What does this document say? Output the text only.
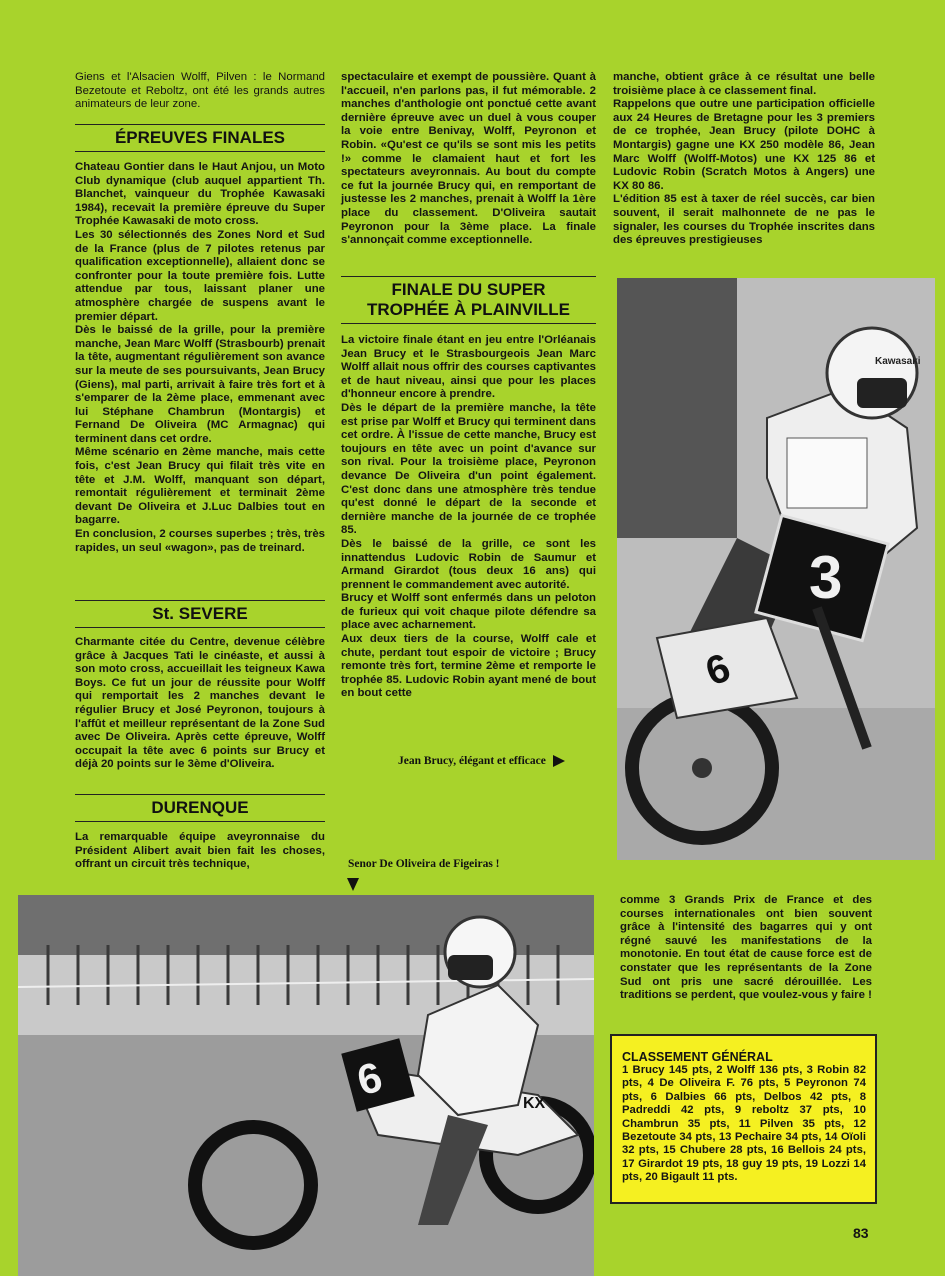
Giens et l'Alsacien Wolff, Pilven : le Normand Bezetoute et Reboltz, ont été les grands autres animateurs de leur zone.

ÉPREUVES FINALES

Chateau Gontier dans le Haut Anjou, un Moto Club dynamique (club auquel appartient Th. Blanchet, vainqueur du Trophée Kawasaki 1984), recevait la première épreuve du Super Trophée Kawasaki de moto cross.

Les 30 sélectionnés des Zones Nord et Sud de la France (plus de 7 pilotes retenus par qualification exceptionnelle), allaient donc se confronter pour la toute première fois. Lutte attendue par tous, laissant planer une atmosphère chargée de suspens avant le premier départ.

Dès le baissé de la grille, pour la première manche, Jean Marc Wolff (Strasbourb) prenait la tête, augmentant régulièrement son avance sur la meute de ses poursuivants, Jean Brucy (Giens), mal parti, arrivait à faire très fort et à s'emparer de la 2ème place, emmenant avec lui Stéphane Chambrun (Montargis) et Fernand De Oliveira (MC Armagnac) qui terminent dans cet ordre.

Même scénario en 2ème manche, mais cette fois, c'est Jean Brucy qui filait très vite en tête et J.M. Wolff, manquant son départ, remontait régulièrement et terminait 2ème devant De Oliveira et J.Luc Dalbies tout en bagarre.

En conclusion, 2 courses superbes ; très, très rapides, un seul «wagon», pas de treinard.

St. SEVERE

Charmante citée du Centre, devenue célèbre grâce à Jacques Tati le cinéaste, et aussi à son moto cross, accueillait les teigneux Kawa Boys. Ce fut un jour de réussite pour Wolff qui remportait les 2 manches devant le régulier Brucy et José Peyronon, toujours à l'affût et meilleur représentant de la Zone Sud avec De Oliveira. Après cette épreuve, Wolff occupait la tête avec 6 points sur Brucy et déjà 20 points sur le 3ème d'Oliveira.

DURENQUE

La remarquable équipe aveyronnaise du Président Alibert avait bien fait les choses, offrant un circuit très technique,

spectaculaire et exempt de poussière. Quant à l'accueil, n'en parlons pas, il fut mémorable. 2 manches d'anthologie ont ponctué cette avant dernière épreuve avec un duel à vous couper la voie entre Benivay, Wolff, Peyronon et Robin. «Qu'est ce qu'ils se sont mis les petits !» comme le clamaient haut et fort les spectateurs aveyronnais. Au bout du compte ce fut la journée Brucy qui, en remportant de justesse les 2 manches, prenait à Wolff la 1ère place du classement. D'Oliveira sautait Peyronon pour la 3ème place. La finale s'annonçait comme exceptionnelle.

FINALE DU SUPER TROPHÉE À PLAINVILLE

La victoire finale étant en jeu entre l'Orléanais Jean Brucy et le Strasbourgeois Jean Marc Wolff allait nous offrir des courses captivantes et de haut niveau, ainsi que pour les places d'honneur encore à prendre.

Dès le départ de la première manche, la tête est prise par Wolff et Brucy qui terminent dans cet ordre. À l'issue de cette manche, Brucy est toujours en tête avec un point d'avance sur son rival. Pour la troisième place, Peyronon devance De Oliveira d'un point également. C'est donc dans une atmosphère très tendue qu'est donné le départ de la seconde et dernière manche de la journée de ce trophée 85.

Dès le baissé de la grille, ce sont les innattendus Ludovic Robin de Saumur et Armand Girardot (tous deux 16 ans) qui prennent le commandement avec autorité.

Brucy et Wolff sont enfermés dans un peloton de furieux qui voit chaque pilote défendre sa place avec acharnement.

Aux deux tiers de la course, Wolff cale et chute, perdant tout espoir de victoire ; Brucy remonte très fort, termine 2ème et remporte le trophée 85. Ludovic Robin ayant mené de bout en bout cette

Jean Brucy, élégant et efficace
Senor De Oliveira de Figeiras !

manche, obtient grâce à ce résultat une belle troisième place à ce classement final.

Rappelons que outre une participation officielle aux 24 Heures de Bretagne pour les 3 premiers de ce trophée, Jean Brucy (pilote DOHC à Montargis) gagne une KX 250 modèle 86, Jean Marc Wolff (Wolff-Motos) une KX 125 86 et Ludovic Robin (Scratch Motos à Angers) une KX 80 86.

L'édition 85 est à taxer de réel succès, car bien souvent, il serait malhonnete de ne pas le signaler, les courses du Trophée inscrites dans des épreuves prestigieuses

3
Kawasaki
6
6	KX

comme 3 Grands Prix de France et des courses internationales ont bien souvent grâce à l'intensité des bagarres qui y ont régné sauvé les manifestations de la monotonie. En tout état de cause force est de constater que les représentants de la Zone Sud ont pris une sacré dérouillée. Les traditions se perdent, que voulez-vous y faire !

CLASSEMENT GÉNÉRAL
1 Brucy 145 pts, 2 Wolff 136 pts, 3 Robin 82 pts, 4 De Oliveira F. 76 pts, 5 Peyronon 74 pts, 6 Dalbies 66 pts, Delbos 42 pts, 8 Padreddi 42 pts, 9 reboltz 37 pts, 10 Chambrun 35 pts, 11 Pilven 35 pts, 12 Bezetoute 34 pts, 13 Pechaire 34 pts, 14 Oïoli 32 pts, 15 Chubere 28 pts, 16 Bellois 24 pts, 17 Girardot 19 pts, 18 guy 19 pts, 19 Lozzi 14 pts, 20 Bigault 11 pts.
83
